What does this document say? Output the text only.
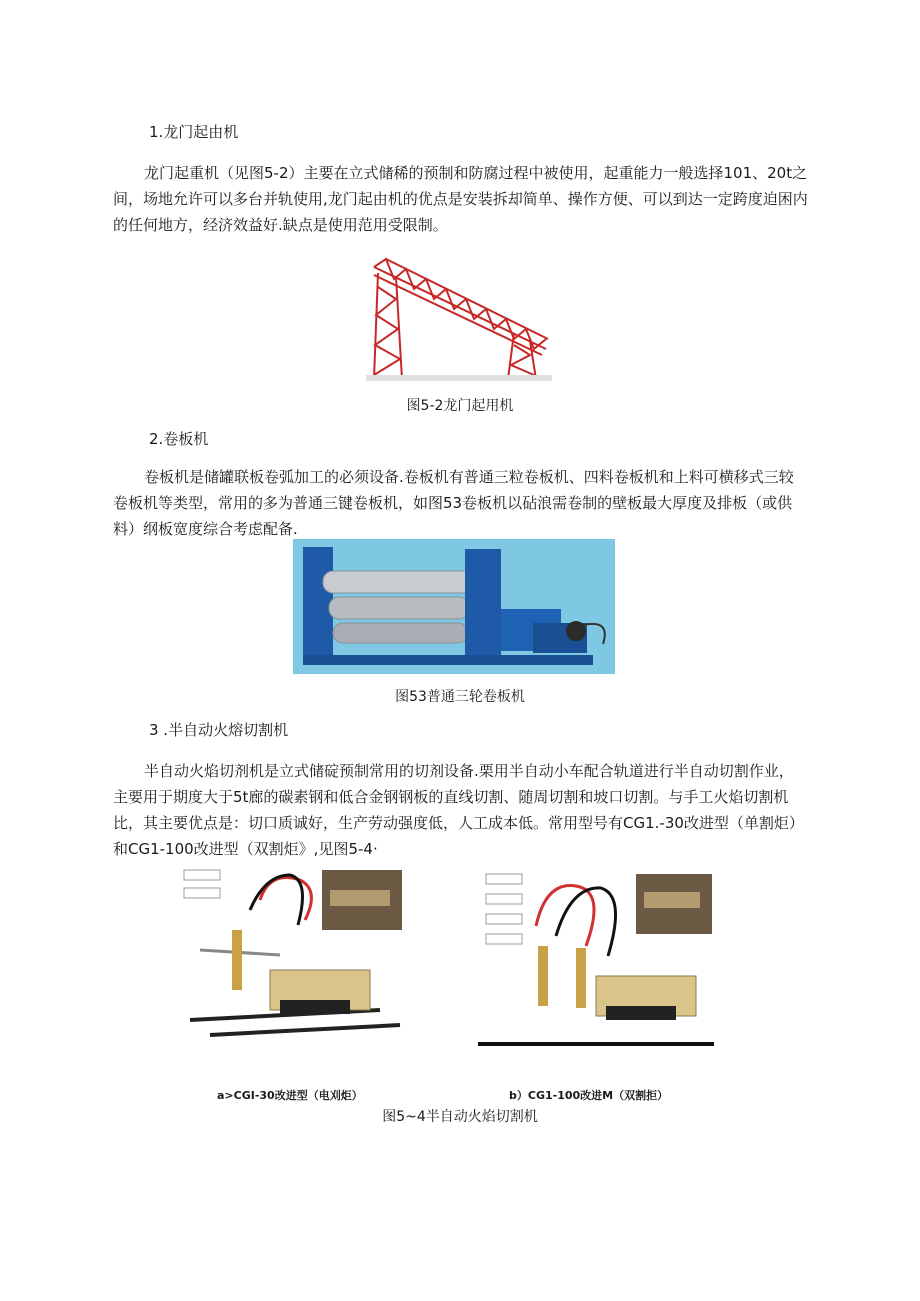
1.龙门起由机
龙门起重机（见图5-2）主要在立式储稀的预制和防腐过程中被使用，起重能力一般选择101、20t之
间，场地允许可以多台并轨使用,龙门起由机的优点是安装拆却简单、操作方便、可以到达一定跨度迫困内
的任何地方，经济效益好.缺点是使用范用受限制。
图5-2龙门起用机
2.卷板机
卷板机是储罐联板卷弧加工的必须设备.卷板机有普通三粒卷板机、四料卷板机和上料可横移式三较
卷板机等类型，常用的多为普通三键卷板机，如图53卷板机以砧浪需卷制的壁板最大厚度及排板（或供
料）纲板宽度综合考虑配备.
图53普通三轮卷板机
3 .半自动火熔切割机
半自动火焰切剂机是立式储碇预制常用的切剂设备.栗用半自动小车配合轨道进行半自动切割作业，
主要用于期度大于5t廊的碳素钢和低合金钢钢板的直线切割、随周切割和坡口切割。与手工火焰切割机
比，其主要优点是：切口质诚好，生产劳动强度低，人工成本低。常用型号有CG1.-30改进型（单割炬）
和CG1-100改进型（双割炬》,见图5-4·
a>CGI-30改进型（电刈炬）	b）CG1-100改进M（双割拒）
图5~4半自动火焰切割机
